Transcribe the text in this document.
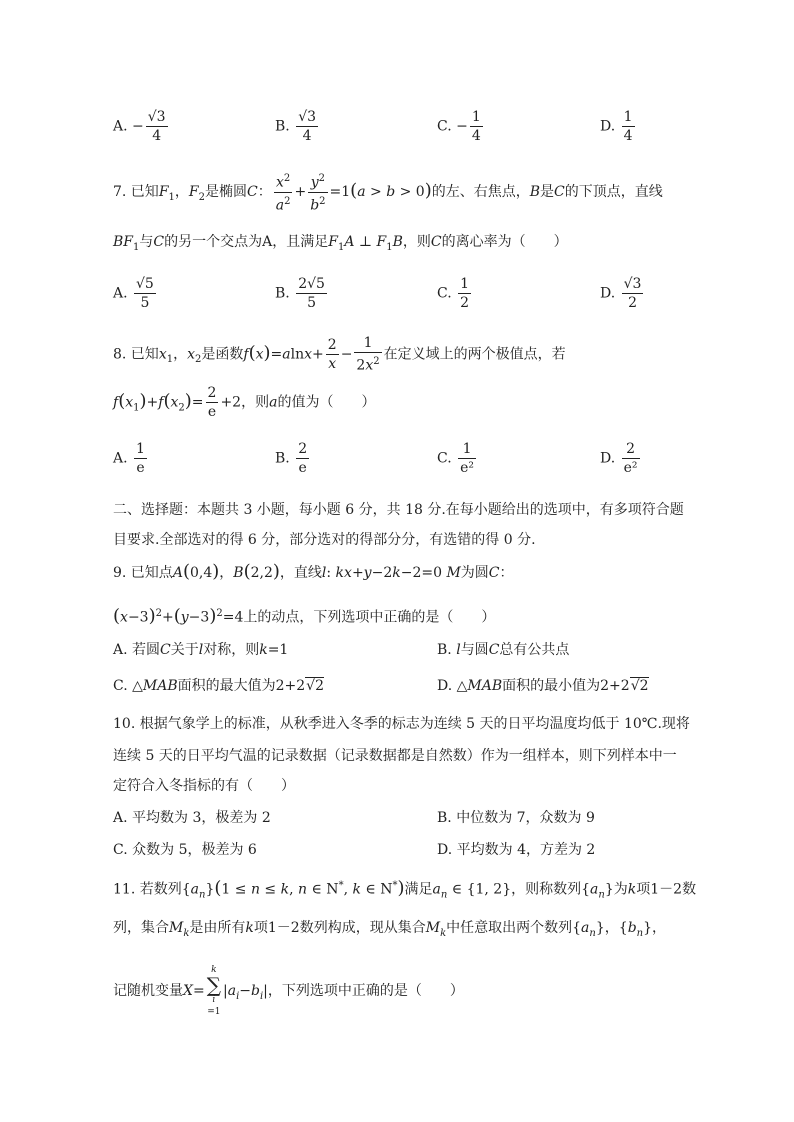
A. − $\frac{√3}{4}$	B. $\frac{√3}{4}$	C. − $\frac{1}{4}$	D. $\frac{1}{4}$
7. 已知$F_1$，$F_2$是椭圆C： $\frac{x^2}{a^2} + \frac{y^2}{b^2} =1(a > b > 0)$的左、右焦点，B是C的下顶点，直线
$BF_1$与C的另一个交点为A，且满足$F_1A$ ⊥ $F_1B$，则C的离心率为（　　）
A. $\frac{√5}{5}$	B. $\frac{2√5}{5}$	C. $\frac{1}{2}$	D. $\frac{√3}{2}$
8. 已知$x_1$，$x_2$是函数$f(x)=alnx+ \frac{2}{x} - \frac{1}{2x^2}$ 在定义域上的两个极值点，若
$f(x_1)+f(x_2)= \frac{2}{e} +2$，则a的值为（　　）
A. $\frac{1}{e}$	B. $\frac{2}{e}$	C. $\frac{1}{\text{e²}}$	D. $\frac{2}{\text{e²}}$
二、选择题：本题共 3 小题，每小题 6 分，共 18 分.在每小题给出的选项中，有多项符合题
目要求.全部选对的得 6 分，部分选对的得部分分，有选错的得 0 分.
9. 已知点A(0,4)，B(2,2)，直线l: kx+y−2k−2=0 M为圆C：
$(x-3)^2+(y-3)^2=4$上的动点，下列选项中正确的是（　　）
A. 若圆C关于l对称，则k=1	B. l与圆C总有公共点
C. △MAB面积的最大值为2+2√2	D. △MAB面积的最小值为2+2√2
10. 根据气象学上的标准，从秋季进入冬季的标志为连续 5 天的日平均温度均低于 10℃.现将
连续 5 天的日平均气温的记录数据（记录数据都是自然数）作为一组样本，则下列样本中一
定符合入冬指标的有（　　）
A. 平均数为 3，极差为 2	B. 中位数为 7，众数为 9
C. 众数为 5，极差为 6	D. 平均数为 4，方差为 2
11. 若数列$\{a_n\}(1 \le n \le k$, n ∈ N*, k ∈ N*)满足$a_n$ ∈ {1, 2}，则称数列$\{a_n\}$为k项1－2数
列，集合$M_k$是由所有k项1－2数列构成，现从集合$M_k$中任意取出两个数列$\{a_n\}$，$\{b_n\}$，
记随机变量X=
k
∑
i
=1
$|a_i-b_i|$，下列选项中正确的是（　　）
